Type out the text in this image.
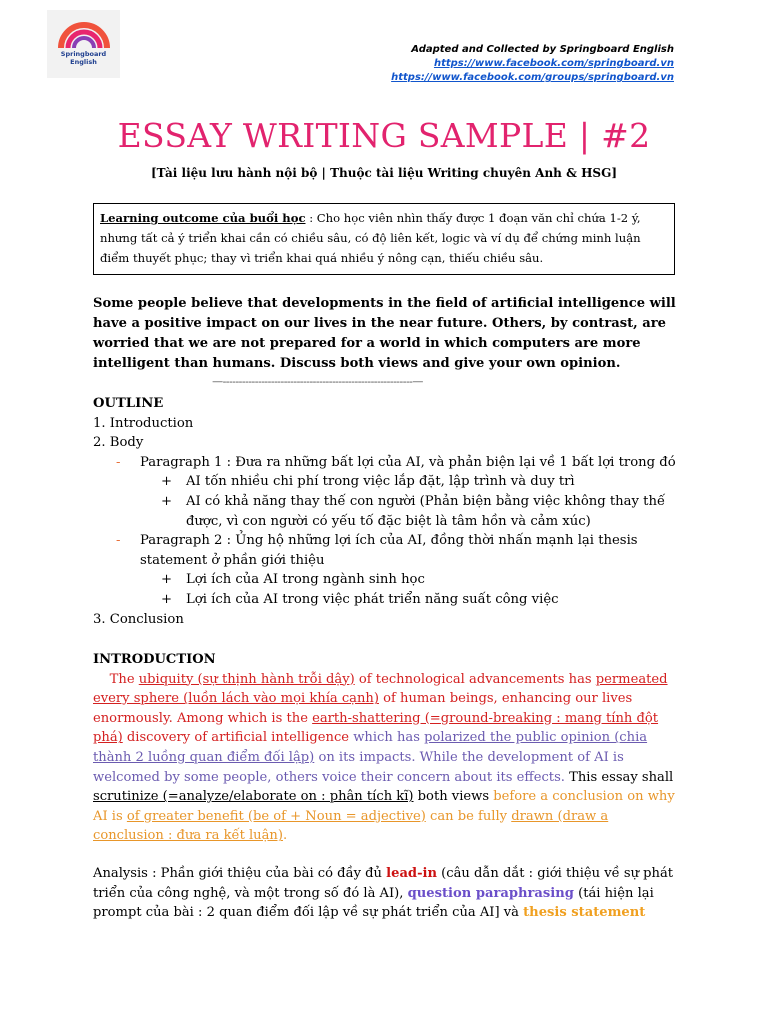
Springboard
English
Adapted and Collected by Springboard English
https://www.facebook.com/springboard.vn
https://www.facebook.com/groups/springboard.vn
ESSAY WRITING SAMPLE | #2
[Tài liệu lưu hành nội bộ | Thuộc tài liệu Writing chuyên Anh & HSG]
Learning outcome của buổi học : Cho học viên nhìn thấy được 1 đoạn văn chỉ chứa 1-2 ý, nhưng tất cả ý triển khai cần có chiều sâu, có độ liên kết, logic và ví dụ để chứng minh luận điểm thuyết phục; thay vì triển khai quá nhiều ý nông cạn, thiếu chiều sâu.
Some people believe that developments in the field of artificial intelligence will have a positive impact on our lives in the near future. Others, by contrast, are worried that we are not prepared for a world in which computers are more intelligent than humans. Discuss both views and give your own opinion.
—-----------------------------------------------------------—
OUTLINE
1. Introduction
2. Body
-	Paragraph 1 : Đưa ra những bất lợi của AI, và phản biện lại về 1 bất lợi trong đó
+	AI tốn nhiều chi phí trong việc lắp đặt, lập trình và duy trì
+	AI có khả năng thay thế con người (Phản biện bằng việc không thay thế được, vì con người có yếu tố đặc biệt là tâm hồn và cảm xúc)
-	Paragraph 2 : Ủng hộ những lợi ích của AI, đồng thời nhấn mạnh lại thesis statement ở phần giới thiệu
+	Lợi ích của AI trong ngành sinh học
+	Lợi ích của AI trong việc phát triển năng suất công việc
3. Conclusion
INTRODUCTION
The ubiquity (sự thịnh hành trỗi dậy) of technological advancements has permeated every sphere (luồn lách vào mọi khía cạnh) of human beings, enhancing our lives enormously. Among which is the earth-shattering (=ground-breaking : mang tính đột phá) discovery of artificial intelligence which has polarized the public opinion (chia thành 2 luồng quan điểm đối lập) on its impacts. While the development of AI is welcomed by some people, others voice their concern about its effects. This essay shall scrutinize (=analyze/elaborate on : phân tích kĩ) both views before a conclusion on why AI is of greater benefit (be of + Noun = adjective) can be fully drawn (draw a conclusion : đưa ra kết luận).
Analysis : Phần giới thiệu của bài có đầy đủ lead-in (câu dẫn dắt : giới thiệu về sự phát triển của công nghệ, và một trong số đó là AI), question paraphrasing (tái hiện lại prompt của bài : 2 quan điểm đối lập về sự phát triển của AI] và thesis statement
